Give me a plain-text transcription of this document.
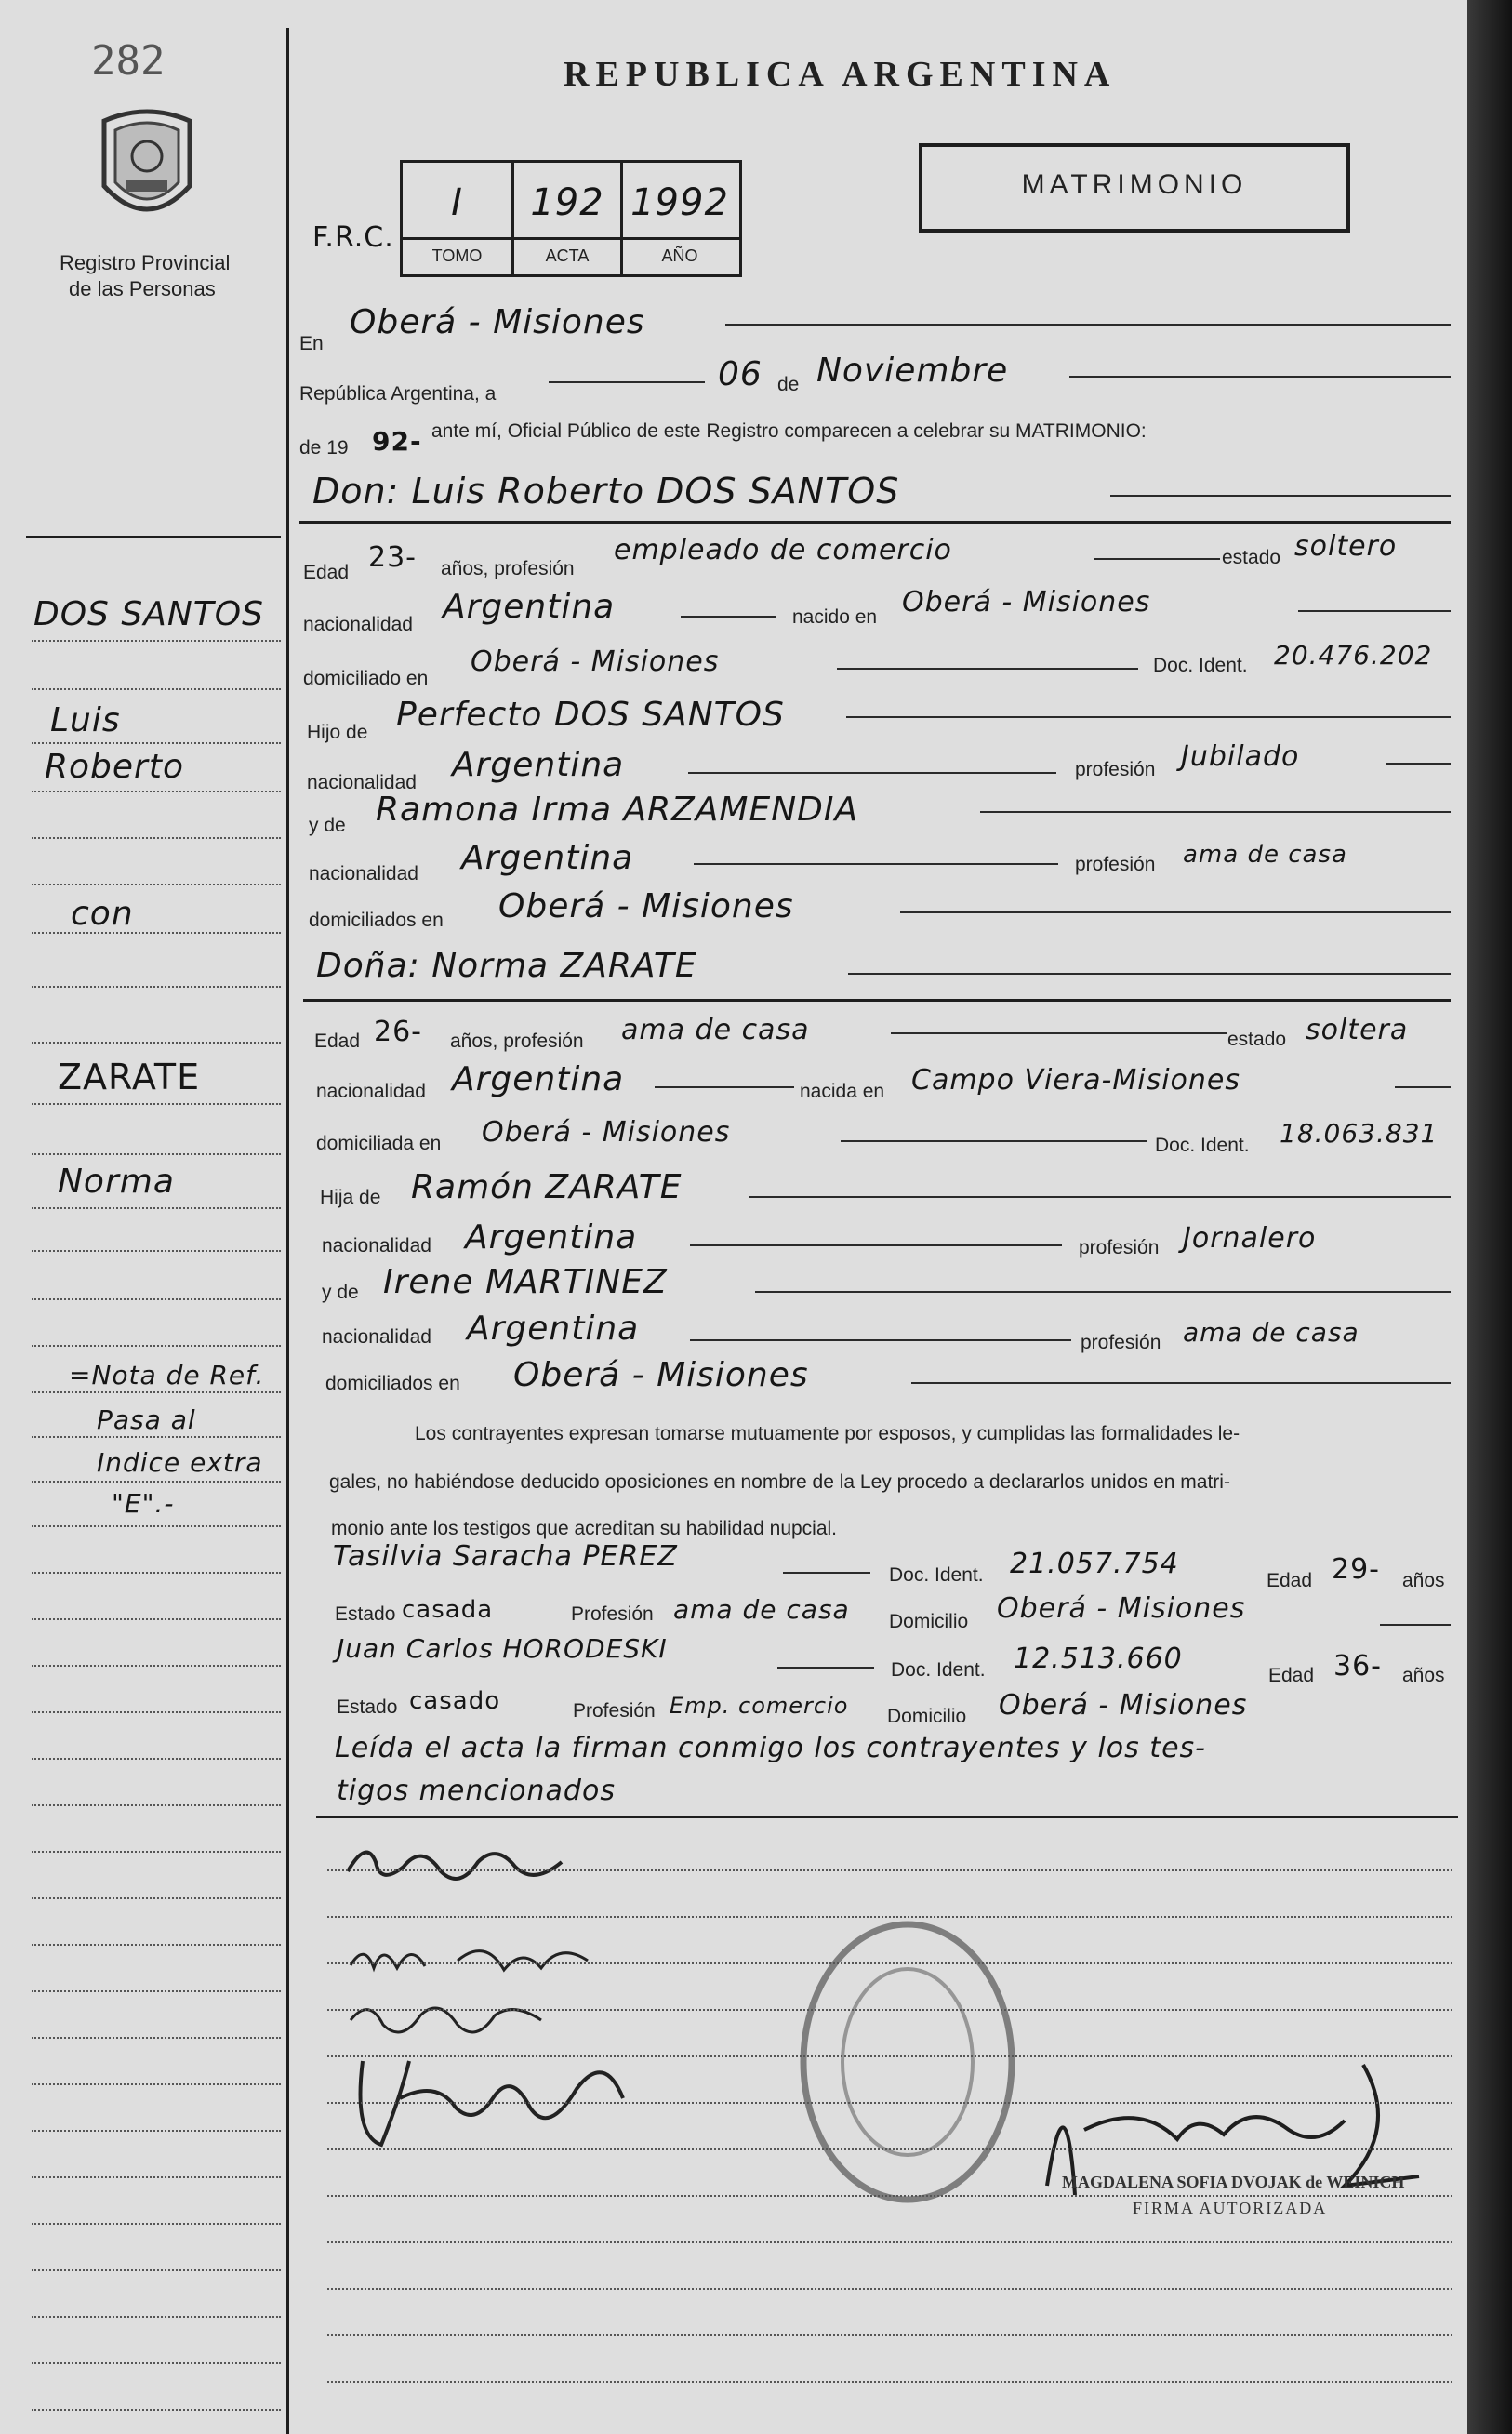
282
Registro Provincial
de las Personas
REPUBLICA ARGENTINA
MATRIMONIO
F.R.C.
I	192 1992
TOMO	ACTA	AÑO
En
Oberá - Misiones
República Argentina, a
06 de Noviembre
de 19 92- ante mí, Oficial Público de este Registro comparecen a celebrar su MATRIMONIO:
Don: Luis Roberto DOS SANTOS
Edad 23- años, profesión
empleado de comercio	estado soltero
nacionalidad Argentina	nacido en Oberá - Misiones
domiciliado en
Oberá - Misiones	Doc. Ident. 20.476.202
Hijo de Perfecto DOS SANTOS
nacionalidad Argentina	profesión Jubilado
y de Ramona Irma ARZAMENDIA
nacionalidad Argentina	profesión ama de casa
domiciliados en Oberá - Misiones
Doña: Norma ZARATE
Edad 26- años, profesión ama de casa	estado soltera
nacionalidad Argentina	nacida en Campo Viera-Misiones
domiciliada en Oberá - Misiones	Doc. Ident. 18.063.831
Hija de Ramón ZARATE
nacionalidad Argentina	profesión Jornalero
y de Irene MARTINEZ
nacionalidad Argentina	profesión ama de casa
domiciliados en Oberá - Misiones
Los contrayentes expresan tomarse mutuamente por esposos, y cumplidas las formalidades le-
gales, no habiéndose deducido oposiciones en nombre de la Ley procedo a declararlos unidos en matri-
monio ante los testigos que acreditan su habilidad nupcial.
Tasilvia Saracha PEREZ
Doc. Ident. 21.057.754
Edad 29- años
Estado casada	Profesión ama de casa Domicilio Oberá - Misiones
Juan Carlos HORODESKI
Doc. Ident. 12.513.660
Edad 36- años
Estado casado	Profesión Emp. comercio Domicilio Oberá - Misiones
Leída el acta la firman conmigo los contrayentes y los tes-
tigos mencionados
MAGDALENA SOFIA DVOJAK de WEINICH
FIRMA AUTORIZADA
DOS SANTOS
Luis
Roberto
con
ZARATE
Norma
=Nota de Ref.
Pasa al
Indice extra
"E".-
